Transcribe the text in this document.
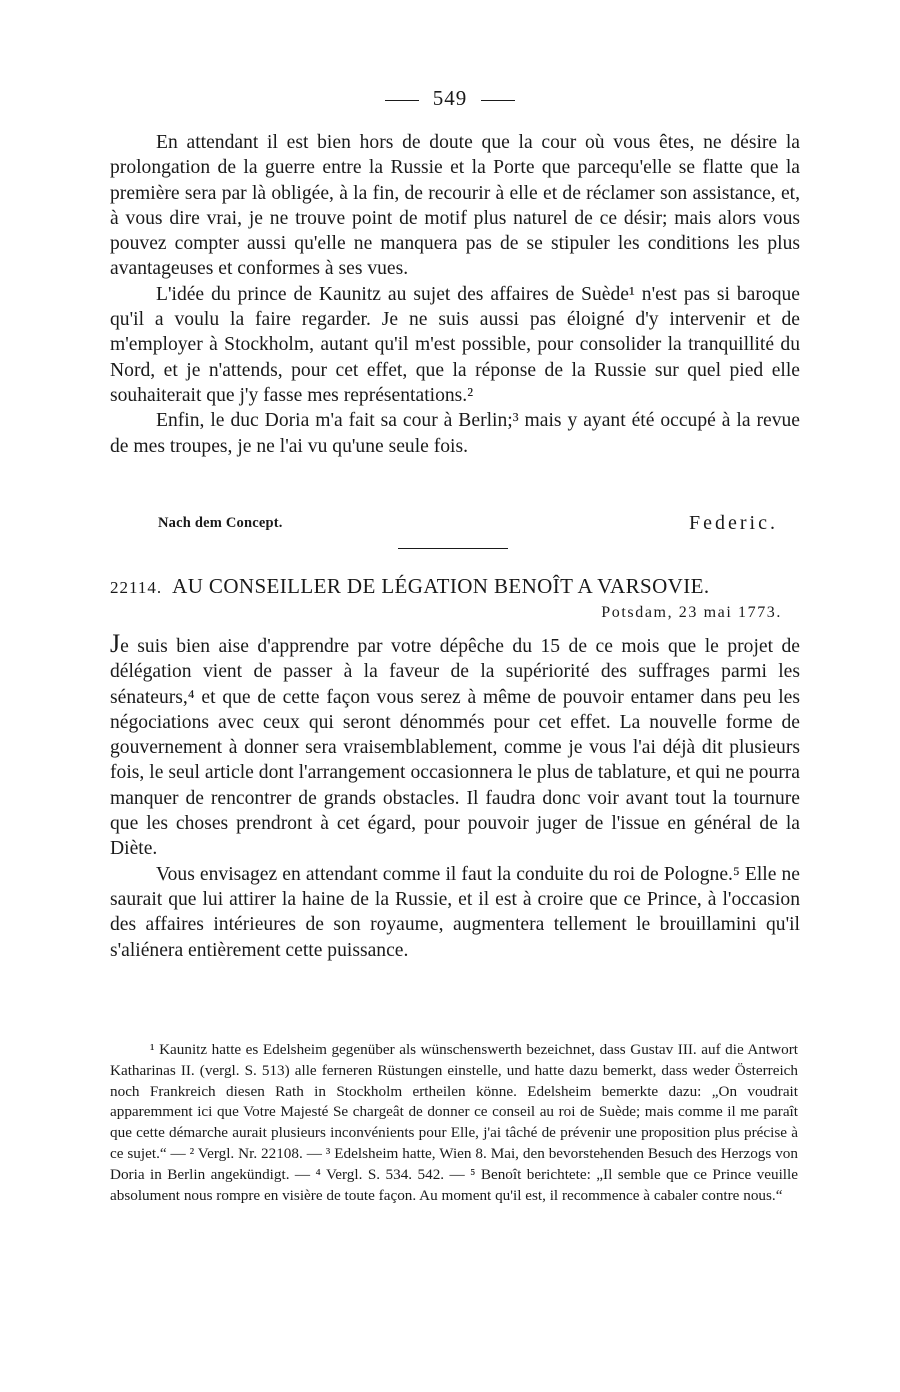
549

En attendant il est bien hors de doute que la cour où vous êtes, ne désire la prolongation de la guerre entre la Russie et la Porte que parcequ'elle se flatte que la première sera par là obligée, à la fin, de recourir à elle et de réclamer son assistance, et, à vous dire vrai, je ne trouve point de motif plus naturel de ce désir; mais alors vous pouvez compter aussi qu'elle ne manquera pas de se stipuler les conditions les plus avantageuses et conformes à ses vues.

L'idée du prince de Kaunitz au sujet des affaires de Suède¹ n'est pas si baroque qu'il a voulu la faire regarder. Je ne suis aussi pas éloigné d'y intervenir et de m'employer à Stockholm, autant qu'il m'est possible, pour consolider la tranquillité du Nord, et je n'attends, pour cet effet, que la réponse de la Russie sur quel pied elle souhaiterait que j'y fasse mes représentations.²

Enfin, le duc Doria m'a fait sa cour à Berlin;³ mais y ayant été occupé à la revue de mes troupes, je ne l'ai vu qu'une seule fois.

Nach dem Concept.	Federic.
22114. AU CONSEILLER DE LÉGATION BENOÎT A VARSOVIE.
Potsdam, 23 mai 1773.

Je suis bien aise d'apprendre par votre dépêche du 15 de ce mois que le projet de délégation vient de passer à la faveur de la supériorité des suffrages parmi les sénateurs,⁴ et que de cette façon vous serez à même de pouvoir entamer dans peu les négociations avec ceux qui seront dénommés pour cet effet. La nouvelle forme de gouvernement à donner sera vraisemblablement, comme je vous l'ai déjà dit plusieurs fois, le seul article dont l'arrangement occasionnera le plus de tablature, et qui ne pourra manquer de rencontrer de grands obstacles. Il faudra donc voir avant tout la tournure que les choses prendront à cet égard, pour pouvoir juger de l'issue en général de la Diète.

Vous envisagez en attendant comme il faut la conduite du roi de Pologne.⁵ Elle ne saurait que lui attirer la haine de la Russie, et il est à croire que ce Prince, à l'occasion des affaires intérieures de son royaume, augmentera tellement le brouillamini qu'il s'aliénera entièrement cette puissance.

¹ Kaunitz hatte es Edelsheim gegenüber als wünschenswerth bezeichnet, dass Gustav III. auf die Antwort Katharinas II. (vergl. S. 513) alle ferneren Rüstungen einstelle, und hatte dazu bemerkt, dass weder Österreich noch Frankreich diesen Rath in Stockholm ertheilen könne. Edelsheim bemerkte dazu: „On voudrait apparemment ici que Votre Majesté Se chargeât de donner ce conseil au roi de Suède; mais comme il me paraît que cette démarche aurait plusieurs inconvénients pour Elle, j'ai tâché de prévenir une proposition plus précise à ce sujet.“ — ² Vergl. Nr. 22108. — ³ Edelsheim hatte, Wien 8. Mai, den bevorstehenden Besuch des Herzogs von Doria in Berlin angekündigt. — ⁴ Vergl. S. 534. 542. — ⁵ Benoît berichtete: „Il semble que ce Prince veuille absolument nous rompre en visière de toute façon. Au moment qu'il est, il recommence à cabaler contre nous.“
